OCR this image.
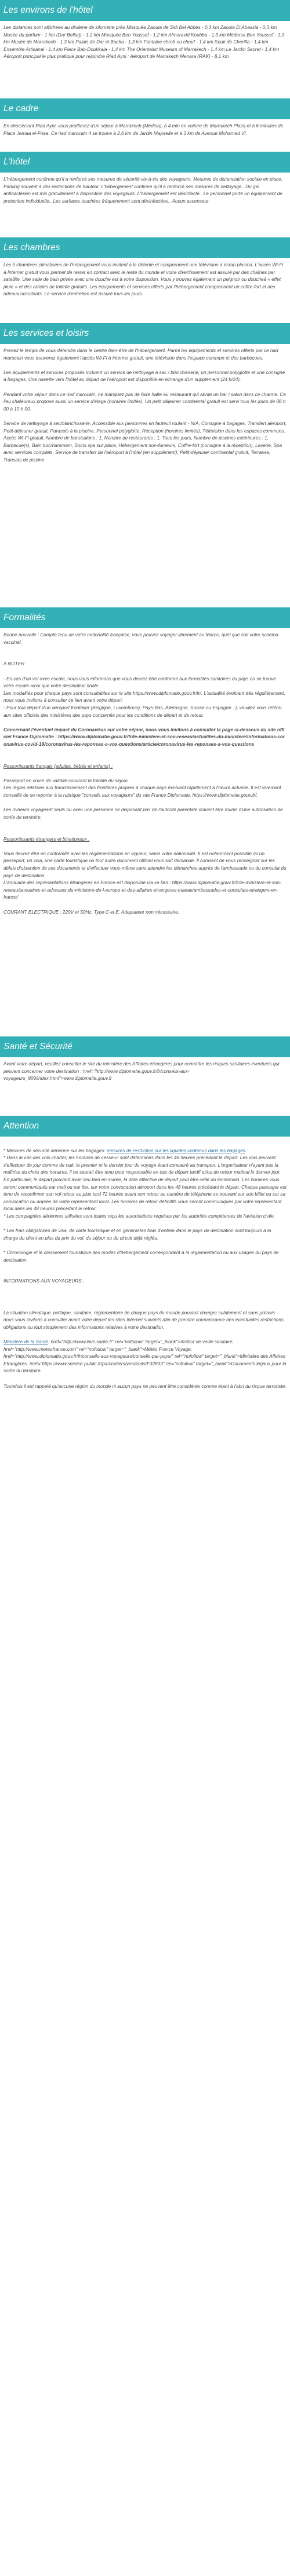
Les environs de l'hôtel

Les distances sont affichées au dixième de kilomètre près Mosquée Zaouia de Sidi Bel Abbès - 0,3 km Zaouia El Abassia - 0,3 km Musée du parfum - 1 km (Dar Bellarj) - 1,2 km Mosquée Ben Youssef - 1,2 km Almoravid Koubba - 1,3 km Médersa Ben Youssef - 1,3 km Musée de Marrakech - 1,3 km Palais de Dar el Bacha - 1,3 km Fontaine chrob ou chouf - 1,4 km Souk de Cherifia - 1,4 km Ensemble Artisanal - 1,4 km Place Bab-Doukkala - 1,4 km The Orientalist Museum of Marrakech - 1,4 km Le Jardin Secret - 1,4 km Aéroport principal le plus pratique pour rejoindre Riad Ayni : Aéroport de Marrakech Menara (RAK) - 8,1 km

Le cadre

En choisissant Riad Ayni, vous profiterez d'un séjour à Marrakech (Médina), à 4 min en voiture de Marrakech Plaza et à 6 minutes de Place Jemaa el-Fnaa. Ce riad marocain 4 se trouve à 2,6 km de Jardin Majorelle et à 3 km de Avenue Mohamed VI.

L'hôtel

L'hébergement confirme qu'il a renforcé ses mesures de sécurité vis-à-vis des voyageurs. Mesures de distanciation sociale en place, Parking souvent à des restrictions de hauteur, L'hébergement confirme qu'il a renforcé ses mesures de nettoyage.. Du gel antibactérien est mis gratuitement à disposition des voyageurs. L'hébergement est désinfecté.. Le personnel porte un équipement de protection individuelle.. Les surfaces touchées fréquemment sont désinfectées.. Aucun ascenseur

Les chambres

Les 5 chambres climatisées de l'hébergement vous invitent à la détente et comprennent une télévision à écran plasma. L'accès Wi-Fi à Internet gratuit vous permet de rester en contact avec le reste du monde et votre divertissement est assuré par des chaînes par satellite. Une salle de bain privée avec une douche est à votre disposition. Vous y trouvez également un peignoir ou doucheà « effet pluie » et des articles de toilette gratuits. Les équipements et services offerts par l'hébergement comprennent un coffre-fort et des rideaux occultants. Le service d'entretien est assuré tous les jours.

Les services et loisirs

Prenez le temps de vous détendre dans le centre bien-être de l'hébergement. Parmi les équipements et services offerts par ce riad marocain vous trouverez également l'accès Wi-Fi à Internet gratuit, une télévision dans l'espace commun et des barbecues.

Les équipements et services proposés incluent un service de nettoyage à sec / blanchisserie, un personnel polyglotte et une consigne à bagages. Une navette vers l'hôtel au départ de l'aéroport est disponible en échange d'un supplément (24 h/24).

Pendant votre séjour dans ce riad marocain, ne manquez pas de faire halte au restaurant qui abrite un bar / salon dans ce charme. Ce lieu chaleureux propose aussi un service d'étage (horaires limités). Un petit déjeuner continental gratuit est servi tous les jours de 08 h 00 à 10 h 00.

Service de nettoyage à sec/blanchisserie, Accessible aux personnes en fauteuil roulant - N/A, Consigne à bagages, Transfert aéroport, Petit-déjeuner gratuit, Parasols à la piscine, Personnel polyglotte, Réception (horaires limités), Télévision dans les espaces communs, Accès Wi-Fi gratuit, Nombre de bars/salons : 1, Nombre de restaurants : 1, Tous les jours, Nombre de piscines extérieures : 1, Barbecue(s), Bain turc/hammam, Soins spa sur place, Hébergement non-fumeurs, Coffre-fort (consigne à la réception), Laverie, Spa avec services complets, Service de transfert de l'aéroport à l'hôtel (en supplément), Petit-déjeuner continental gratuit, Terrasse, Transats de piscine

Formalités

Bonne nouvelle : Compte tenu de votre nationalité française, vous pouvez voyager librement au Maroc, quel que soit votre schéma vaccinal.

A NOTER

- En cas d'un vol avec escale, nous vous informons que vous devrez être conforme aux formalités sanitaires du pays où se trouve votre escale ainsi que votre destination finale.
Les modalités pour chaque pays sont consultables sur le site https://www.diplomatie.gouv.fr/fr/. L'actualité évoluant très régulièrement, nous vous invitons à consulter ce lien avant votre départ.
- Pour tout départ d'un aéroport frontalier (Belgique, Luxembourg, Pays-Bas, Allemagne, Suisse ou Espagne...), veuillez vous référer aux sites officiels des ministères des pays concernés pour les conditions de départ et de retour.

Concernant l'éventuel impact du Coronavirus sur votre séjour, nous vous invitons à consulter la page ci-dessous du site officiel France Diplomatie : https://www.diplomatie.gouv.fr/fr/le-ministere-et-son-reseau/actualites-du-ministere/informations-coronavirus-covid-19/coronavirus-les-reponses-a-vos-questions/article/coronavirus-les-reponses-a-vos-questions

Ressortissants français (adultes, bébés et enfants) :

Passeport en cours de validité couvrant la totalité du séjour.
Les règles relatives aux franchissement des frontières propres à chaque pays évoluent rapidement à l'heure actuelle. Il est vivement conseillé de se reporter à la rubrique "conseils aux voyageurs" du site France Diplomatie, https://www.diplomatie.gouv.fr/.

Les mineurs voyageant seuls ou avec une personne ne disposant pas de l'autorité parentale doivent être munis d'une autorisation de sortie de territoire.

Ressortissants étrangers et binationaux :

Vous devrez être en conformité avec les réglementations en vigueur, selon votre nationalité. Il est notamment possible qu'un passeport, un visa, une carte touristique ou tout autre document officiel vous soit demandé. Il convient de vous renseigner sur les délais d'obtention de ces documents et d'effectuer vous-même sans attendre les démarches auprès de l'ambassade ou du consulat du pays de destination.
L'annuaire des représentations étrangères en France est disponible via ce lien : https://www.diplomatie.gouv.fr/fr/le-ministere-et-son-reseau/annuaires-et-adresses-du-ministere-de-l-europe-et-des-affaires-etrangeres-maeae/ambassades-et-consulats-etrangers-en-france/

COURANT ELECTRIQUE : 220V et 50Hz. Type C et E. Adaptateur non nécessaire.

Santé et Sécurité

Avant votre départ, veuillez consulter le site du ministère des Affaires étrangères pour connaître les risques sanitaires éventuels qui peuvent concerner votre destination : href="http://www.diplomatie.gouv.fr/fr/conseils-aux-voyageurs_909/index.html">www.diplomatie.gouv.fr

Attention

* Mesures de sécurité aérienne sur les bagages: mesures de restriction sur les liquides contenus dans les bagages.
* Dans le cas des vols charter, les horaires de cesse-ci sont déterminés dans les 48 heures précédant le départ. Les vols peuvent s'effectuer de jour comme de nuit, le premier et le dernier jour du voyage étant consacré au transport. L'organisateur n'ayant pas la maîtrise du choix des horaires, il ne saurait être tenu pour responsable en cas de départ tardif et/ou de retour matinal le dernier jour. En particulier, le départ pouvant avoir lieu tard en soirée, la date effective de départ peut être celle du lendemain. Les horaires vous seront communiqués par mail ou par fax, sur votre convocation aéroport dans les 48 heures précédant le départ. Chaque passager est tenu de reconfirmer son vol retour au plus tard 72 heures avant son retour au numéro de téléphone se trouvant sur son billet ou sur sa convocation ou auprès de votre représentant local. Les horaires de retour définitifs vous seront communiqués par votre représentant local dans les 48 heures précédant le retour.
* Les compagnies aériennes utilisées sont toutes reçu les autorisations requises par les autorités compétentes de l'aviation civile.

* Les frais obligatoires de visa, de carte touristique et en général les frais d'entrée dans le pays de destination sont toujours à la charge du client en plus du prix du vol, du séjour ou du circuit déjà réglés.

* Chronologie et le classement touristique des modes d'hébergement correspondent à la réglementation ou aux usages du pays de destination.

INFORMATIONS AUX VOYAGEURS :

La situation climatique, politique, sanitaire, réglementaire de chaque pays du monde pouvant changer subitement et sans préavis
nous vous invitons à consulter avant votre départ les sites Internet suivants afin de prendre connaissance des éventuelles restrictions, obligations ou tout simplement des informations relatives à votre destination.

Ministère de la Santé. href="http://www.invs.sante.fr" rel="nofollow" target="_blank">Institut de veille sanitaire, href="http://www.meteofrance.com" rel="nofollow" target="_blank">Météo France Voyage, href="http://www.diplomatie.gouv.fr/fr/conseils-aux-voyageurs/conseils-par-pays/" rel="nofollow" target="_blank">Ministère des Affaires Etrangères, href="https://www.service-public.fr/particuliers/vosdroits/F32833" rel="nofollow" target="_blank">Documents légaux pour la sortie du territoire.

Toutefois il est rappelé qu'aucune région du monde ni aucun pays ne peuvent être considérés comme étant à l'abri du risque terroriste.
